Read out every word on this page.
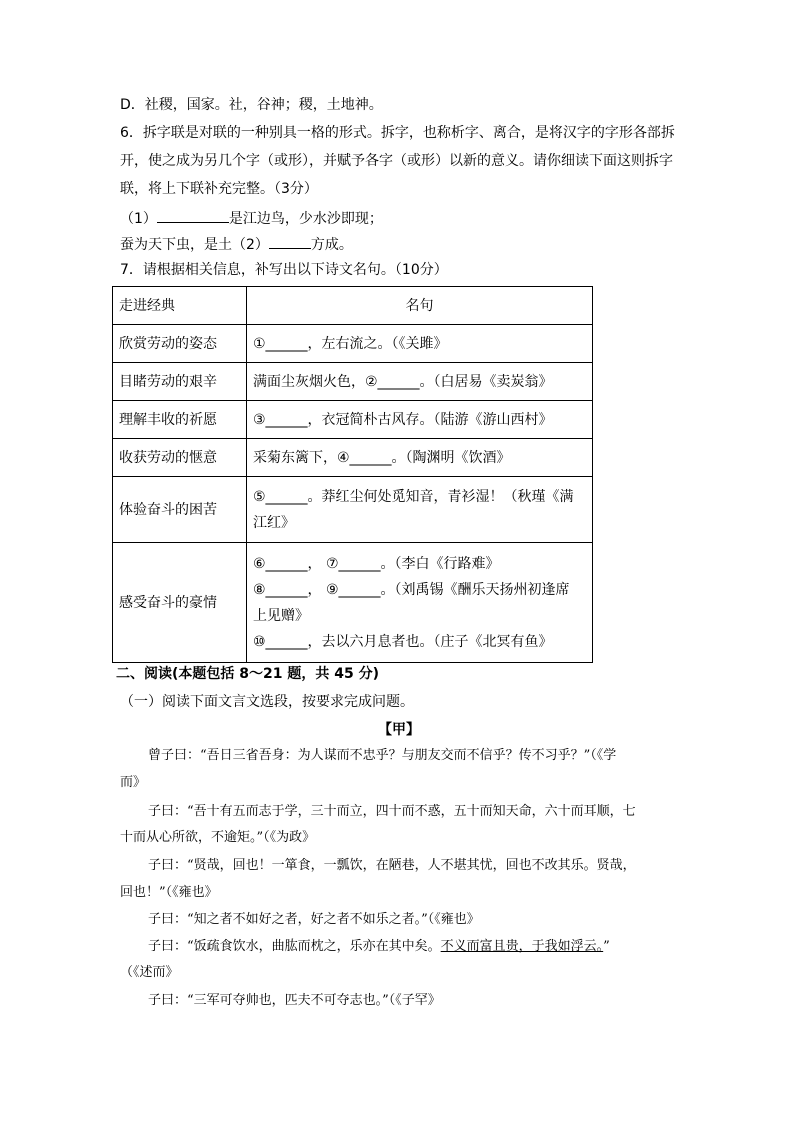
D．社稷，国家。社，谷神；稷，土地神。
6．拆字联是对联的一种别具一格的形式。拆字，也称析字、离合，是将汉字的字形各部拆
开，使之成为另几个字（或形），并赋予各字（或形）以新的意义。请你细读下面这则拆字
联，将上下联补充完整。（3分）
（1）	是江边鸟，少水沙即现；
蚕为天下虫，是土（2）	方成。
7．请根据相关信息，补写出以下诗文名句。（10分）
走进经典	名句
欣赏劳动的姿态	①______，左右流之。（《关雎》
目睹劳动的艰辛	满面尘灰烟火色，②______。（白居易《卖炭翁》
理解丰收的祈愿	③______，衣冠简朴古风存。（陆游《游山西村》
收获劳动的惬意	采菊东篱下，④______。（陶渊明《饮酒》
体验奋斗的困苦	⑤______。莽红尘何处觅知音，青衫湿！（秋瑾《满
江红》

感受奋斗的豪情	⑥______， ⑦______。（李白《行路难》
⑧______， ⑨______。（刘禹锡《酬乐天扬州初逢席
上见赠》
⑩______，去以六月息者也。（庄子《北冥有鱼》
二、阅读(本题包括 8～21 题，共 45 分)
（一）阅读下面文言文选段，按要求完成问题。
【甲】
曾子曰：“吾日三省吾身：为人谋而不忠乎？与朋友交而不信乎？传不习乎？”（《学
而》
子曰：“吾十有五而志于学，三十而立，四十而不惑，五十而知天命，六十而耳顺，七
十而从心所欲，不逾矩。”（《为政》
子曰：“贤哉，回也！一箪食，一瓢饮，在陋巷，人不堪其忧，回也不改其乐。贤哉，
回也！”（《雍也》
子曰：“知之者不如好之者，好之者不如乐之者。”（《雍也》
子曰：“饭疏食饮水，曲肱而枕之，乐亦在其中矣。不义而富且贵，于我如浮云。”
（《述而》
子曰：“三军可夺帅也，匹夫不可夺志也。”（《子罕》
